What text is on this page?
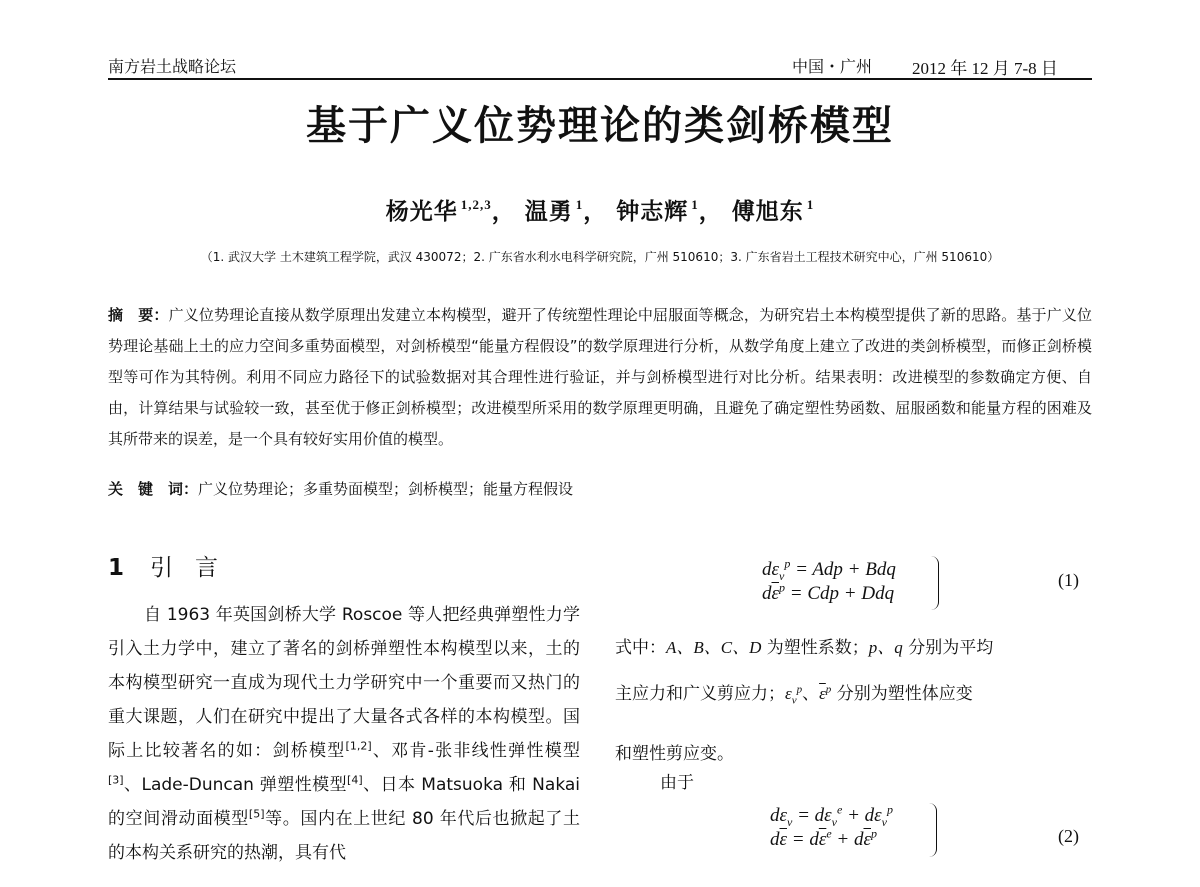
南方岩土战略论坛	中国・广州 2012 年 12 月 7-8 日
基于广义位势理论的类剑桥模型
杨光华 $^{1,2,3}$， 温勇 $^1$， 钟志辉 $^1$， 傅旭东 $^1$
（1. 武汉大学 土木建筑工程学院，武汉 430072；2. 广东省水利水电科学研究院，广州 510610；3. 广东省岩土工程技术研究中心，广州 510610）
摘　要：广义位势理论直接从数学原理出发建立本构模型，避开了传统塑性理论中屈服面等概念，为研究岩土本构模型提供了新的思路。基于广义位势理论基础上土的应力空间多重势面模型，对剑桥模型“能量方程假设”的数学原理进行分析，从数学角度上建立了改进的类剑桥模型，而修正剑桥模型等可作为其特例。利用不同应力路径下的试验数据对其合理性进行验证，并与剑桥模型进行对比分析。结果表明：改进模型的参数确定方便、自由，计算结果与试验较一致，甚至优于修正剑桥模型；改进模型所采用的数学原理更明确，且避免了确定塑性势函数、屈服函数和能量方程的困难及其所带来的误差，是一个具有较好实用价值的模型。
关　键　词：广义位势理论；多重势面模型；剑桥模型；能量方程假设
1 引言

自 1963 年英国剑桥大学 Roscoe 等人把经典弹塑性力学引入土力学中，建立了著名的剑桥弹塑性本构模型以来，土的本构模型研究一直成为现代土力学研究中一个重要而又热门的重大课题，人们在研究中提出了大量各式各样的本构模型。国际上比较著名的如：剑桥模型[1,2]、邓肯-张非线性弹性模型[3]、Lade-Duncan 弹塑性模型[4]、日本 Matsuoka 和 Nakai 的空间滑动面模型[5]等。国内在上世纪 80 年代后也掀起了土的本构关系研究的热潮，具有代

$d\varepsilon_v^p$ = Adp + Bdq
$d\overline{\varepsilon}^p$ = Cdp + Ddq
(1)
式中：A、B、C、D 为塑性系数；p、q 分别为平均
主应力和广义剪应力；$\varepsilon_v^p$、$\overline{\varepsilon}^p$ 分别为塑性体应变
和塑性剪应变。
由于
$d\varepsilon_v = d\varepsilon_v^e + d\varepsilon_v^p$
$d\overline{\varepsilon} = d\overline{\varepsilon}^e + d\overline{\varepsilon}^p$	(2)
